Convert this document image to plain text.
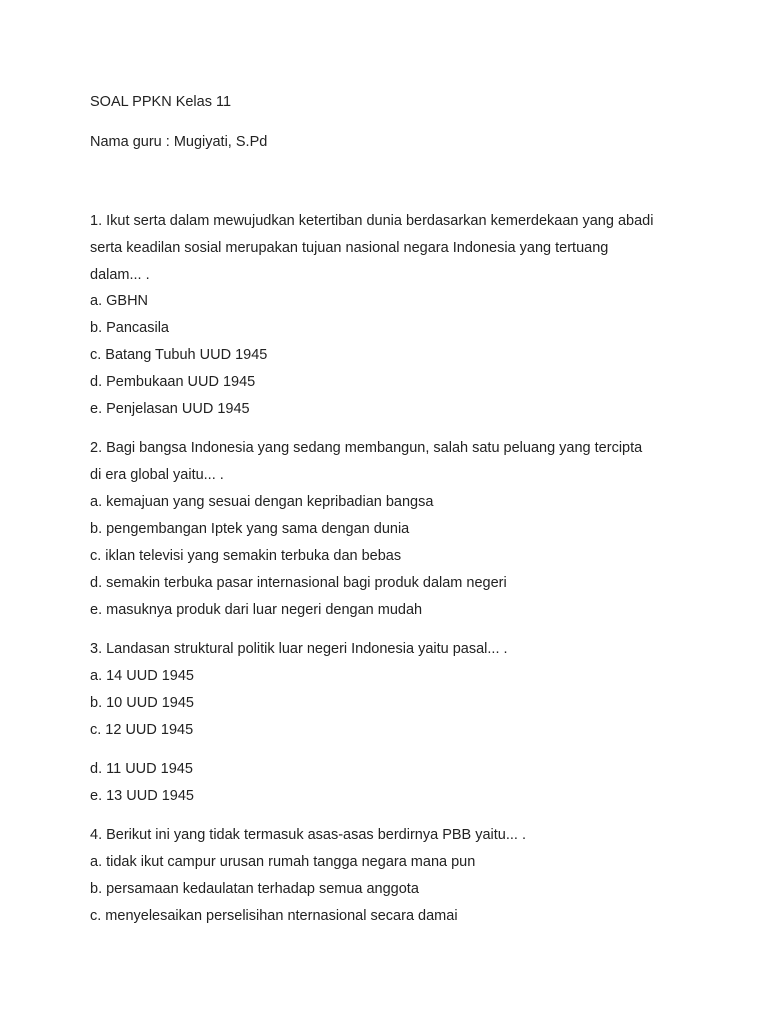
SOAL PPKN Kelas 11
Nama guru : Mugiyati, S.Pd
1. Ikut serta dalam mewujudkan ketertiban dunia berdasarkan kemerdekaan yang abadi
serta keadilan sosial merupakan tujuan nasional negara Indonesia yang tertuang
dalam... .
a. GBHN
b. Pancasila
c. Batang Tubuh UUD 1945
d. Pembukaan UUD 1945
e. Penjelasan UUD 1945
2. Bagi bangsa Indonesia yang sedang membangun, salah satu peluang yang tercipta
di era global yaitu... .
a. kemajuan yang sesuai dengan kepribadian bangsa
b. pengembangan Iptek yang sama dengan dunia
c. iklan televisi yang semakin terbuka dan bebas
d. semakin terbuka pasar internasional bagi produk dalam negeri
e. masuknya produk dari luar negeri dengan mudah
3. Landasan struktural politik luar negeri Indonesia yaitu pasal... .
a. 14 UUD 1945
b. 10 UUD 1945
c. 12 UUD 1945
d. 11 UUD 1945
e. 13 UUD 1945
4. Berikut ini yang tidak termasuk asas-asas berdirnya PBB yaitu... .
a. tidak ikut campur urusan rumah tangga negara mana pun
b. persamaan kedaulatan terhadap semua anggota
c. menyelesaikan perselisihan nternasional secara damai
